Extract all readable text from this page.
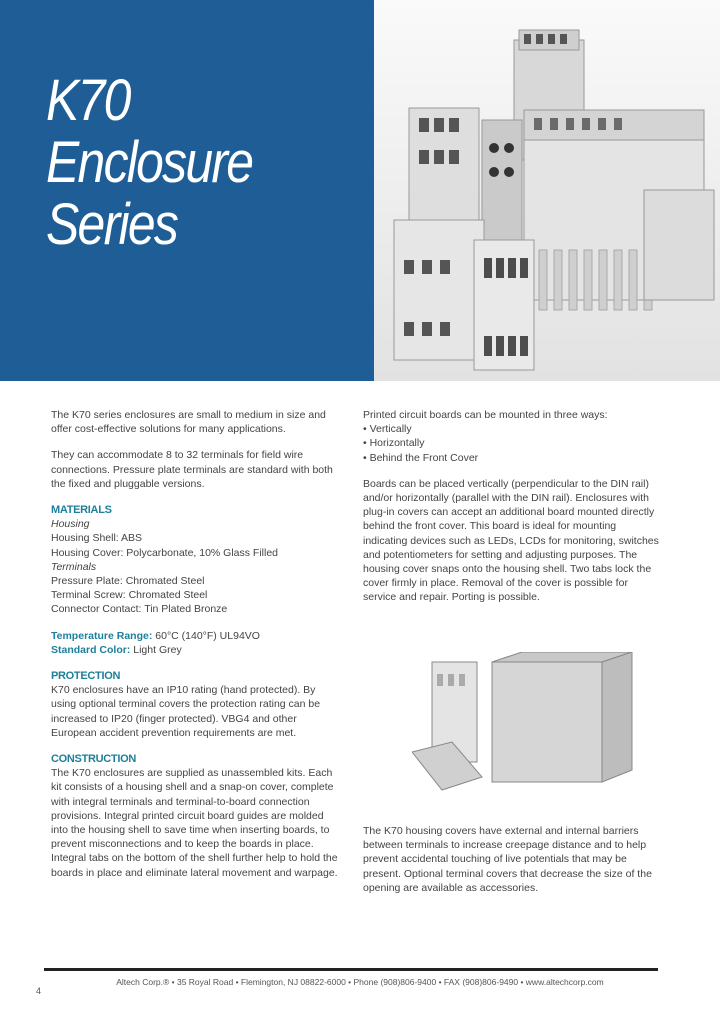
K70
Enclosure
Series

The K70 series enclosures are small to medium in size and offer cost-effective solutions for many applications.

They can accommodate 8 to 32 terminals for field wire connections. Pressure plate terminals are standard with both the fixed and pluggable versions.

MATERIALS
Housing
Housing Shell: ABS
Housing Cover: Polycarbonate, 10% Glass Filled
Terminals
Pressure Plate: Chromated Steel
Terminal Screw: Chromated Steel
Connector Contact: Tin Plated Bronze
Temperature Range: 60°C (140°F) UL94VO
Standard Color: Light Grey
PROTECTION

K70 enclosures have an IP10 rating (hand protected). By using optional terminal covers the protection rating can be increased to IP20 (finger protected). VBG4 and other European accident prevention requirements are met.

CONSTRUCTION

The K70 enclosures are supplied as unassembled kits. Each kit consists of a housing shell and a snap-on cover, complete with integral terminals and terminal-to-board connection provisions. Integral printed circuit board guides are molded into the housing shell to save time when inserting boards, to prevent misconnections and to keep the boards in place. Integral tabs on the bottom of the shell further help to hold the boards in place and eliminate lateral movement and warpage.

Printed circuit boards can be mounted in three ways:
• Vertically
• Horizontally
• Behind the Front Cover

Boards can be placed vertically (perpendicular to the DIN rail) and/or horizontally (parallel with the DIN rail). Enclosures with plug-in covers can accept an additional board mounted directly behind the front cover. This board is ideal for mounting indicating devices such as LEDs, LCDs for monitoring, switches and potentiometers for setting and adjusting purposes. The housing cover snaps onto the housing shell. Two tabs lock the cover firmly in place. Removal of the cover is possible for service and repair. Porting is possible.

The K70 housing covers have external and internal barriers between terminals to increase creepage distance and to help prevent accidental touching of live potentials that may be present. Optional terminal covers that decrease the size of the opening are available as accessories.
Altech Corp.® • 35 Royal Road • Flemington, NJ 08822-6000 • Phone (908)806-9400 • FAX (908)806-9490 • www.altechcorp.com
4
